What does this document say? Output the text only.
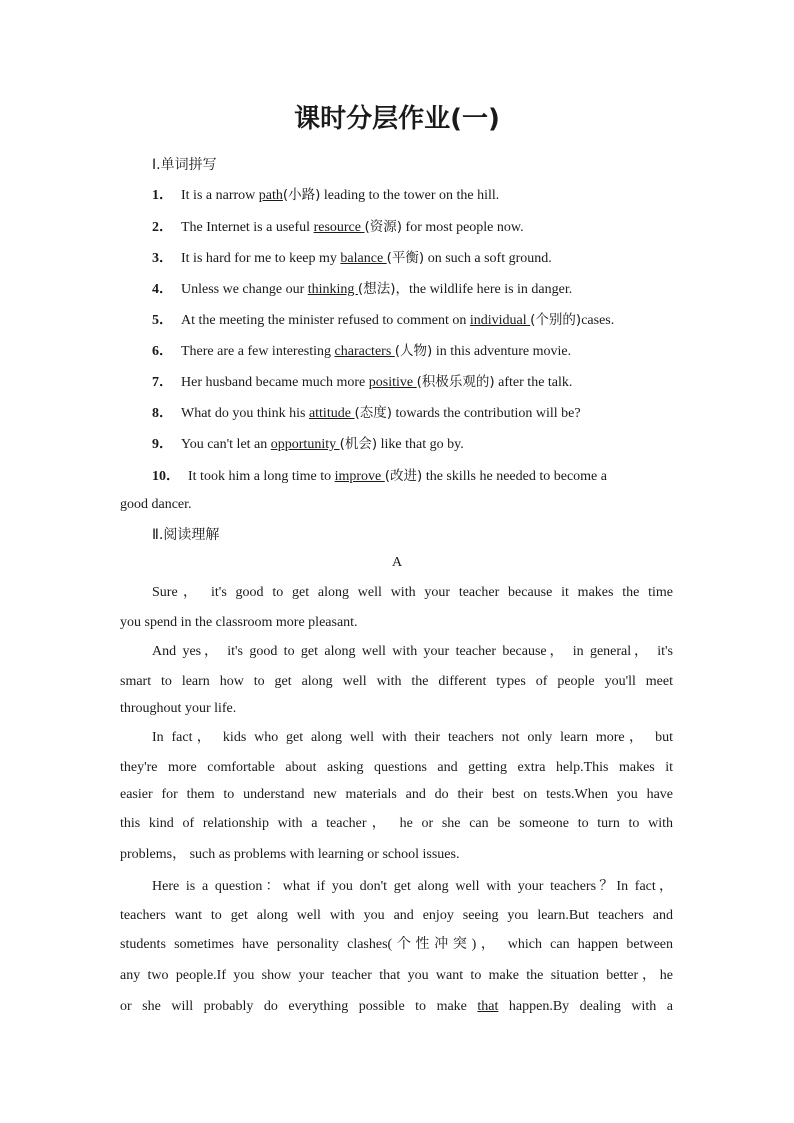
课时分层作业(一)
Ⅰ.单词拼写
1． It is a narrow path(小路) leading to the tower on the hill.
2． The Internet is a useful resource (资源) for most people now.
3． It is hard for me to keep my balance (平衡) on such a soft ground.
4． Unless we change our thinking (想法)，the wildlife here is in danger.
5． At the meeting the minister refused to comment on individual (个别的)cases.
6． There are a few interesting characters (人物) in this adventure movie.
7． Her husband became much more positive (积极乐观的) after the talk.
8． What do you think his attitude (态度) towards the contribution will be?
9． You can't let an opportunity (机会) like that go by.
10． It took him a long time to improve (改进) the skills he needed to become a
good dancer.
Ⅱ.阅读理解
A
Sure， it's good to get along well with your teacher because it makes the time
you spend in the classroom more pleasant.
And yes， it's good to get along well with your teacher because， in general， it's
smart to learn how to get along well with the different types of people you'll meet
throughout your life.
In fact， kids who get along well with their teachers not only learn more， but
they're more comfortable about asking questions and getting extra help.This makes it
easier for them to understand new materials and do their best on tests.When you have
this kind of relationship with a teacher， he or she can be someone to turn to with
problems， such as problems with learning or school issues.
Here is a question：what if you don't get along well with your teachers？In fact，
teachers want to get along well with you and enjoy seeing you learn.But teachers and
students sometimes have personality clashes(个性冲突)， which can happen between
any two people.If you show your teacher that you want to make the situation better，he
or she will probably do everything possible to make that happen.By dealing with a
